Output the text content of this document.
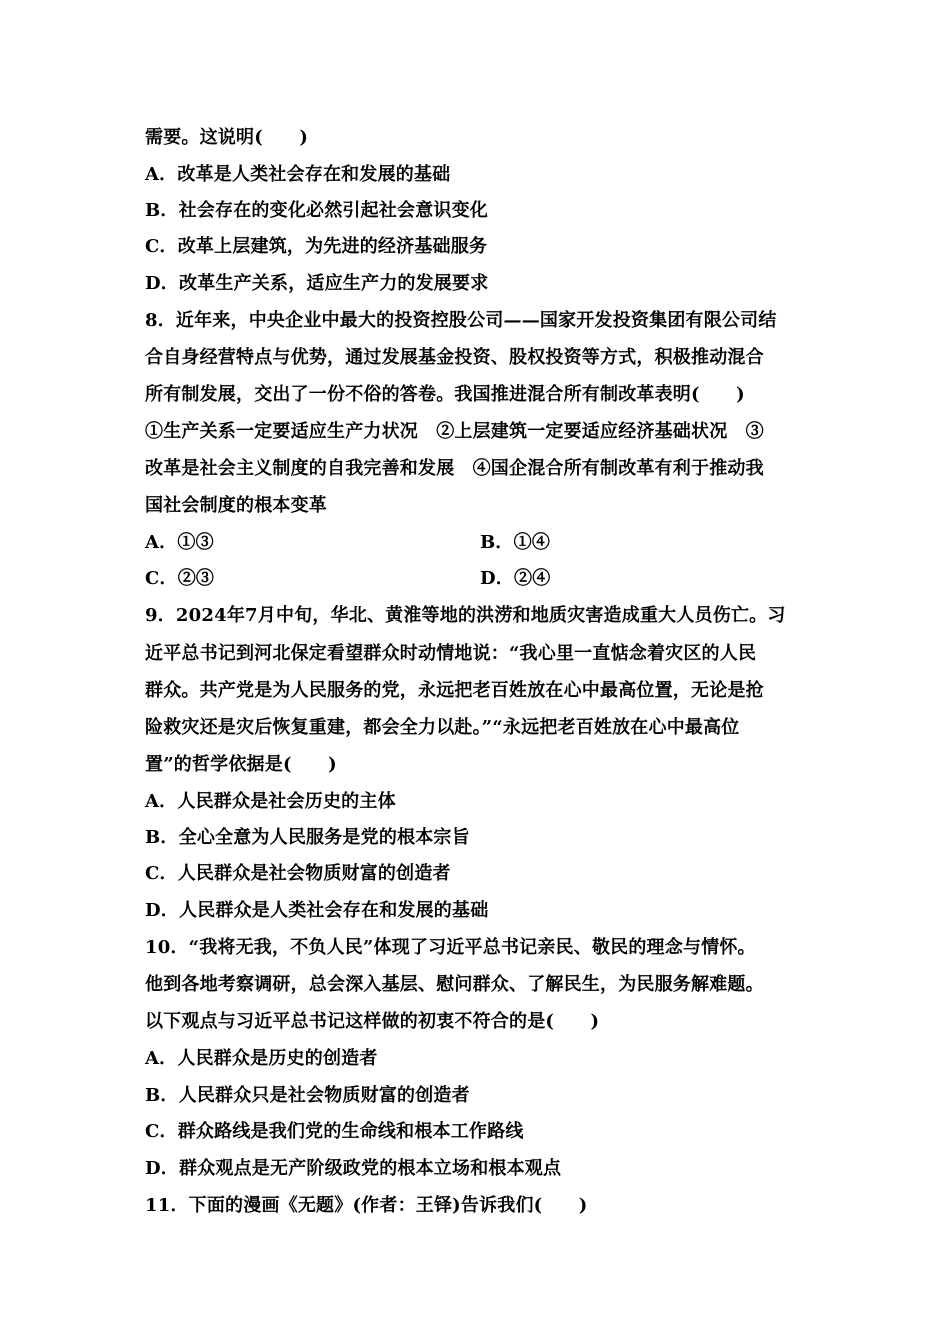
需要。这说明(　　)
A．改革是人类社会存在和发展的基础
B．社会存在的变化必然引起社会意识变化
C．改革上层建筑，为先进的经济基础服务
D．改革生产关系，适应生产力的发展要求
8．近年来，中央企业中最大的投资控股公司——国家开发投资集团有限公司结
合自身经营特点与优势，通过发展基金投资、股权投资等方式，积极推动混合
所有制发展，交出了一份不俗的答卷。我国推进混合所有制改革表明(　　)
①生产关系一定要适应生产力状况　②上层建筑一定要适应经济基础状况　③
改革是社会主义制度的自我完善和发展　④国企混合所有制改革有利于推动我
国社会制度的根本变革
A．①③	B．①④
C．②③	D．②④
9．2024年7月中旬，华北、黄淮等地的洪涝和地质灾害造成重大人员伤亡。习
近平总书记到河北保定看望群众时动情地说：“我心里一直惦念着灾区的人民
群众。共产党是为人民服务的党，永远把老百姓放在心中最高位置，无论是抢
险救灾还是灾后恢复重建，都会全力以赴。”“永远把老百姓放在心中最高位
置”的哲学依据是(　　)
A．人民群众是社会历史的主体
B．全心全意为人民服务是党的根本宗旨
C．人民群众是社会物质财富的创造者
D．人民群众是人类社会存在和发展的基础
10．“我将无我，不负人民”体现了习近平总书记亲民、敬民的理念与情怀。
他到各地考察调研，总会深入基层、慰问群众、了解民生，为民服务解难题。
以下观点与习近平总书记这样做的初衷不符合的是(　　)
A．人民群众是历史的创造者
B．人民群众只是社会物质财富的创造者
C．群众路线是我们党的生命线和根本工作路线
D．群众观点是无产阶级政党的根本立场和根本观点
11．下面的漫画《无题》(作者：王铎)告诉我们(　　)
